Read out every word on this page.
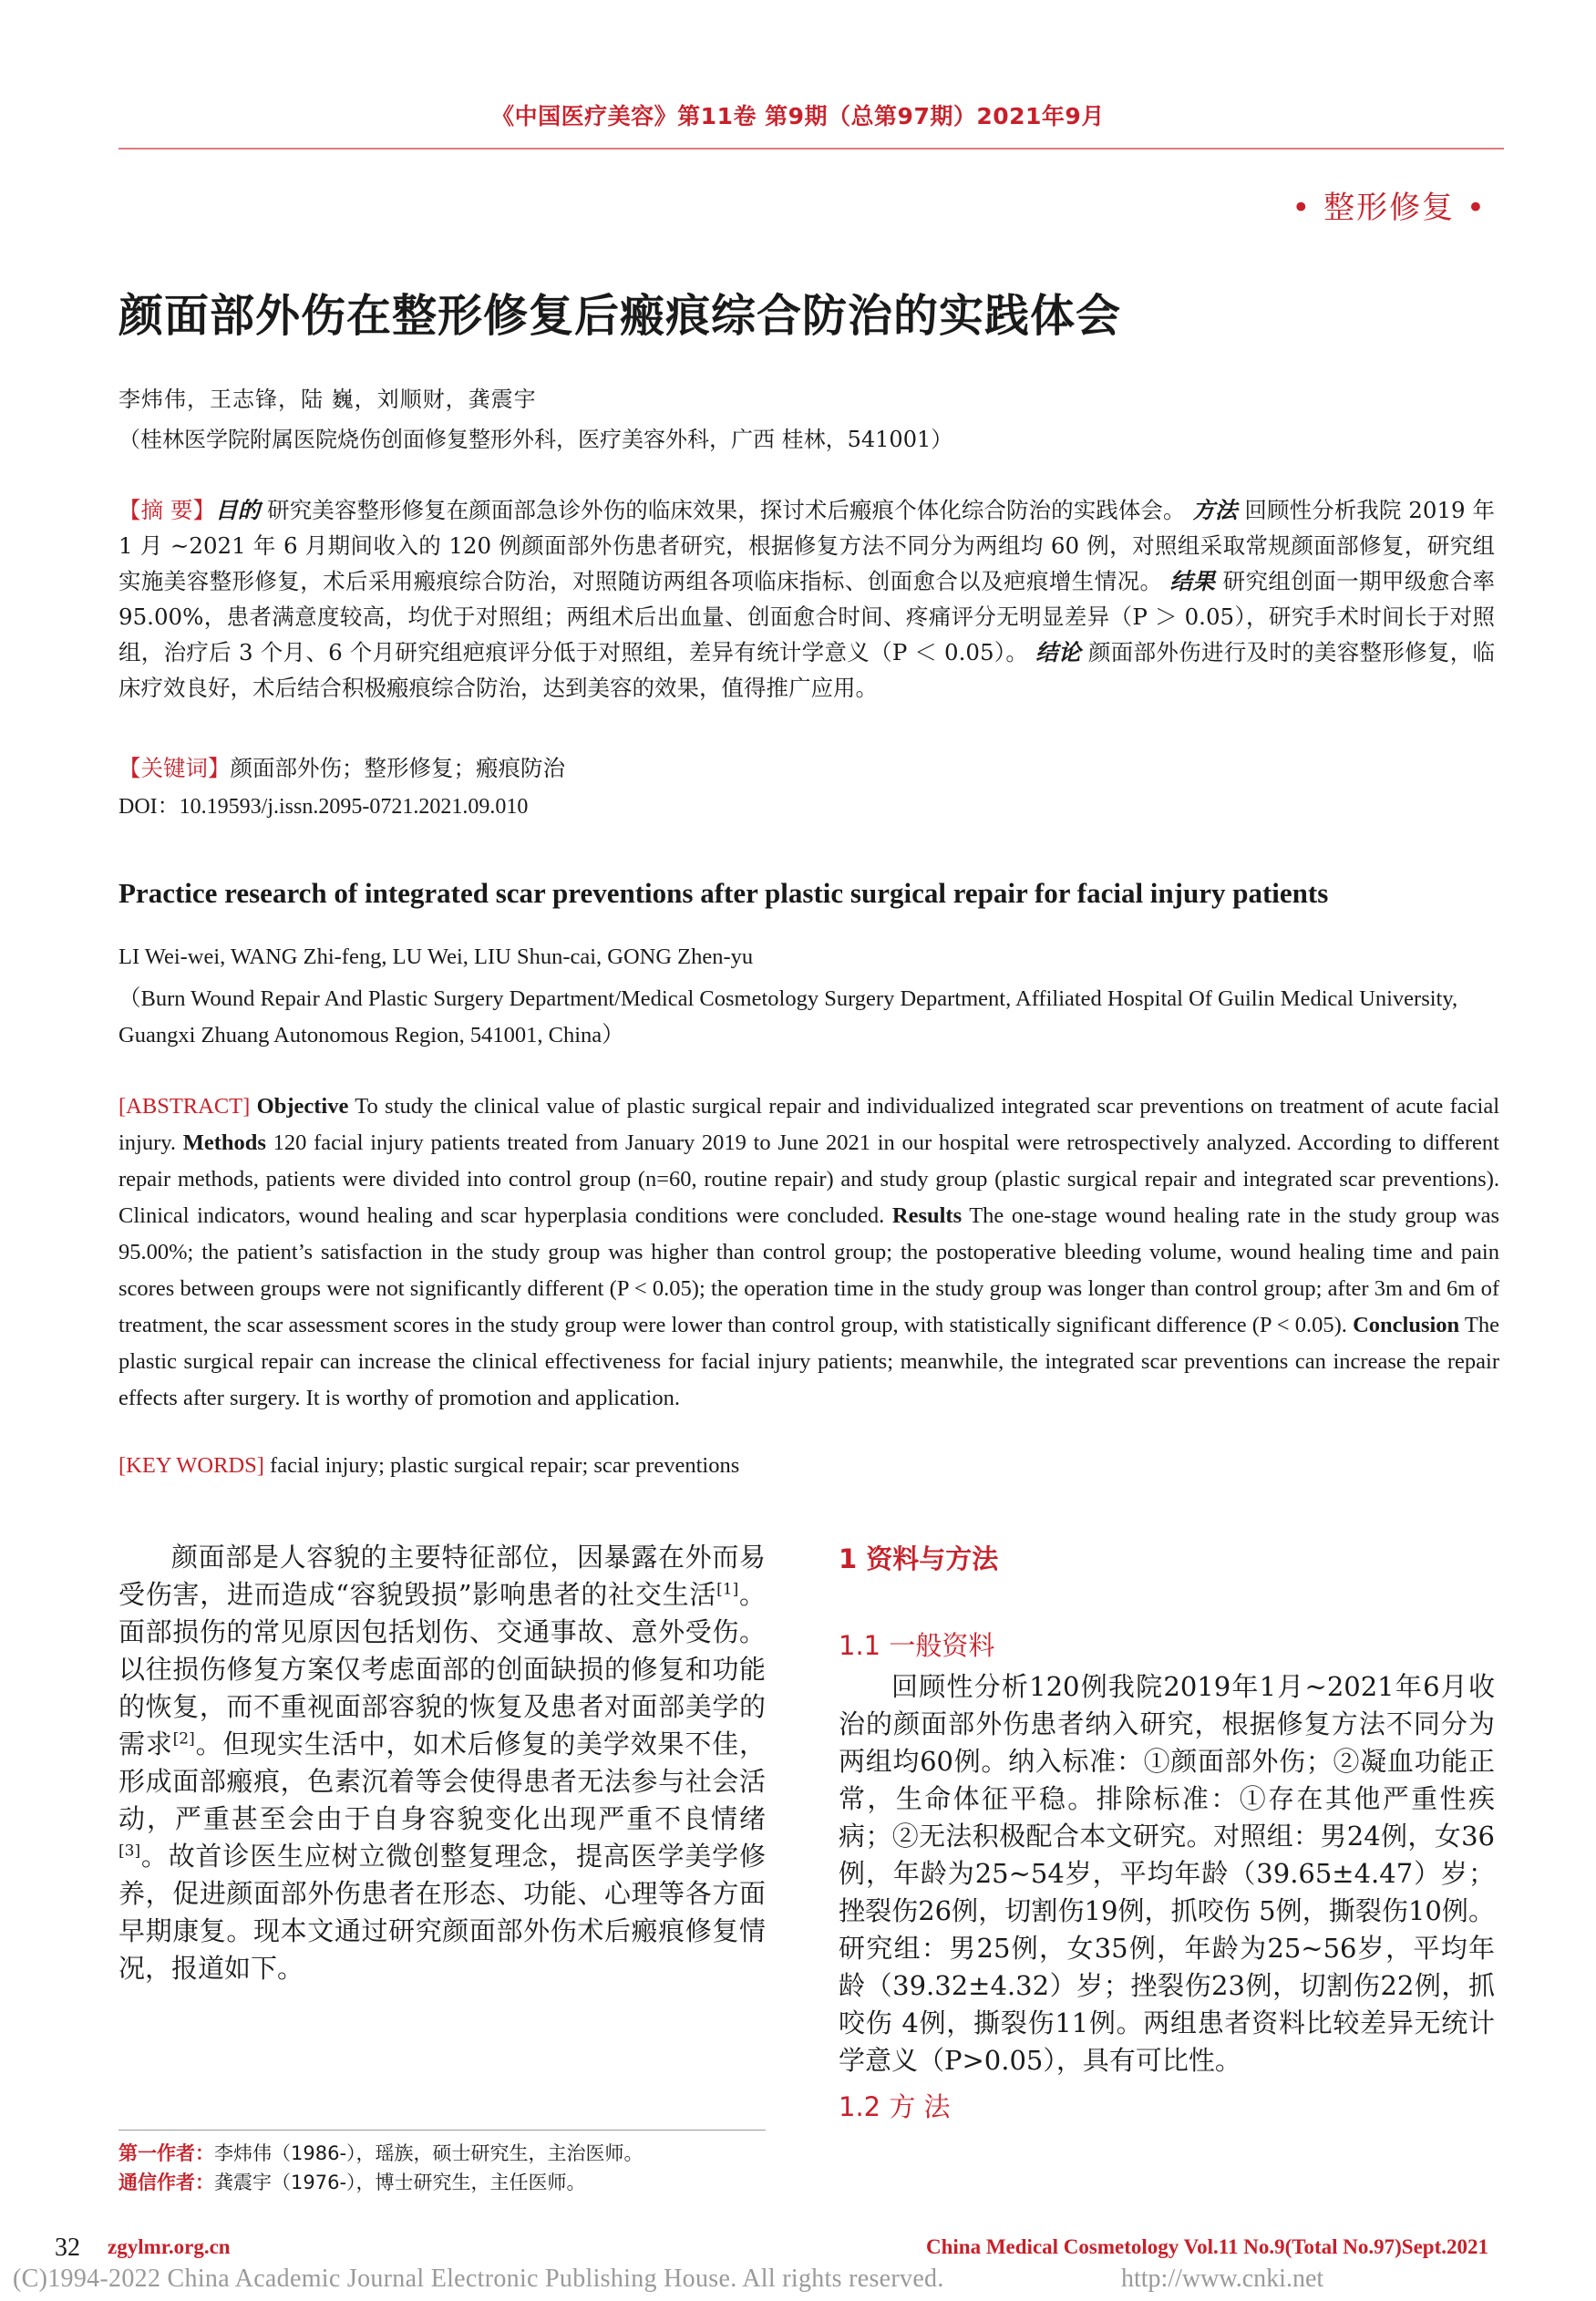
《中国医疗美容》第11卷 第9期（总第97期）2021年9月
• 整形修复 •
颜面部外伤在整形修复后瘢痕综合防治的实践体会
李炜伟，王志锋，陆 巍，刘顺财，龚震宇
（桂林医学院附属医院烧伤创面修复整形外科，医疗美容外科，广西 桂林，541001）
【摘 要】目的 研究美容整形修复在颜面部急诊外伤的临床效果，探讨术后瘢痕个体化综合防治的实践体会。 方法 回顾性分析我院 2019 年 1 月 ~2021 年 6 月期间收入的 120 例颜面部外伤患者研究，根据修复方法不同分为两组均 60 例，对照组采取常规颜面部修复，研究组实施美容整形修复，术后采用瘢痕综合防治，对照随访两组各项临床指标、创面愈合以及疤痕增生情况。 结果 研究组创面一期甲级愈合率 95.00%，患者满意度较高，均优于对照组；两组术后出血量、创面愈合时间、疼痛评分无明显差异（P ＞ 0.05），研究手术时间长于对照组，治疗后 3 个月、6 个月研究组疤痕评分低于对照组，差异有统计学意义（P ＜ 0.05）。 结论 颜面部外伤进行及时的美容整形修复，临床疗效良好，术后结合积极瘢痕综合防治，达到美容的效果，值得推广应用。
【关键词】颜面部外伤；整形修复；瘢痕防治
DOI：10.19593/j.issn.2095-0721.2021.09.010
Practice research of integrated scar preventions after plastic surgical repair for facial injury patients
LI Wei-wei, WANG Zhi-feng, LU Wei, LIU Shun-cai, GONG Zhen-yu
（Burn Wound Repair And Plastic Surgery Department/Medical Cosmetology Surgery Department, Affiliated Hospital Of Guilin Medical University, Guangxi Zhuang Autonomous Region, 541001, China）
[ABSTRACT] Objective To study the clinical value of plastic surgical repair and individualized integrated scar preventions on treatment of acute facial injury. Methods 120 facial injury patients treated from January 2019 to June 2021 in our hospital were retrospectively analyzed. According to different repair methods, patients were divided into control group (n=60, routine repair) and study group (plastic surgical repair and integrated scar preventions). Clinical indicators, wound healing and scar hyperplasia conditions were concluded. Results The one-stage wound healing rate in the study group was 95.00%; the patient’s satisfaction in the study group was higher than control group; the postoperative bleeding volume, wound healing time and pain scores between groups were not significantly different (P < 0.05); the operation time in the study group was longer than control group; after 3m and 6m of treatment, the scar assessment scores in the study group were lower than control group, with statistically significant difference (P < 0.05). Conclusion The plastic surgical repair can increase the clinical effectiveness for facial injury patients; meanwhile, the integrated scar preventions can increase the repair effects after surgery. It is worthy of promotion and application.
[KEY WORDS] facial injury; plastic surgical repair; scar preventions

颜面部是人容貌的主要特征部位，因暴露在外而易受伤害，进而造成“容貌毁损”影响患者的社交生活[1]。面部损伤的常见原因包括划伤、交通事故、意外受伤。以往损伤修复方案仅考虑面部的创面缺损的修复和功能的恢复，而不重视面部容貌的恢复及患者对面部美学的需求[2]。但现实生活中，如术后修复的美学效果不佳，形成面部瘢痕，色素沉着等会使得患者无法参与社会活动，严重甚至会由于自身容貌变化出现严重不良情绪[3]。故首诊医生应树立微创整复理念，提高医学美学修养，促进颜面部外伤患者在形态、功能、心理等各方面早期康复。现本文通过研究颜面部外伤术后瘢痕修复情况，报道如下。

1 资料与方法
1.1 一般资料
回顾性分析120例我院2019年1月~2021年6月收治的颜面部外伤患者纳入研究，根据修复方法不同分为两组均60例。纳入标准：①颜面部外伤；②凝血功能正常，生命体征平稳。排除标准：①存在其他严重性疾病；②无法积极配合本文研究。对照组：男24例，女36例，年龄为25~54岁，平均年龄（39.65±4.47）岁；挫裂伤26例，切割伤19例，抓咬伤 5例，撕裂伤10例。研究组：男25例，女35例，年龄为25~56岁，平均年龄（39.32±4.32）岁；挫裂伤23例，切割伤22例，抓咬伤 4例，撕裂伤11例。两组患者资料比较差异无统计学意义（P>0.05），具有可比性。
1.2 方 法
第一作者：李炜伟（1986-），瑶族，硕士研究生，主治医师。
通信作者：龚震宇（1976-），博士研究生，主任医师。
32 zgylmr.org.cn	China Medical Cosmetology Vol.11 No.9(Total No.97)Sept.2021
(C)1994-2022 China Academic Journal Electronic Publishing House. All rights reserved.	http://www.cnki.net
